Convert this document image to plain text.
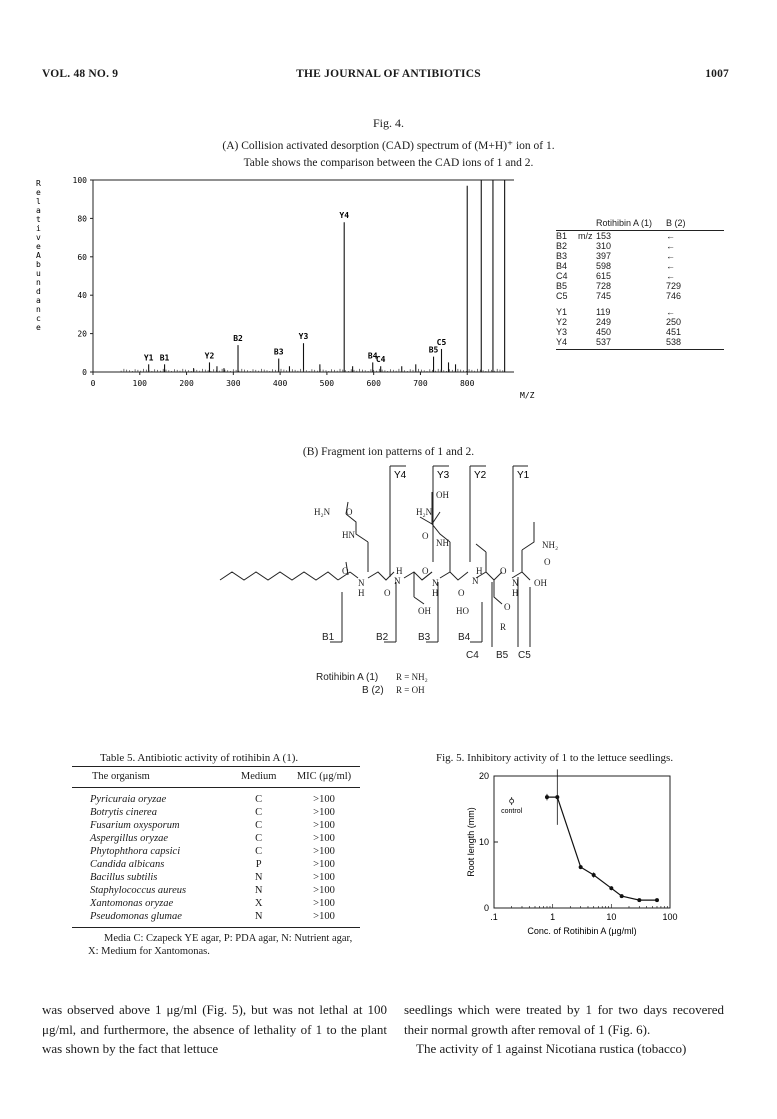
VOL. 48 NO. 9	THE JOURNAL OF ANTIBIOTICS	1007
Fig. 4.
(A) Collision activated desorption (CAD) spectrum of (M+H)⁺ ion of 1.
Table shows the comparison between the CAD ions of 1 and 2.
R
e
l
a
t
i
v
e
A
b
u
n
d
a
n
c
e
0
20
40
60
80
100
0	100	200	300	400	500	600	700	800
Y1 B1	Y2
B2
B3
Y3
Y4
B4
C4
B5
C5
M/Z
		Rotihibin A (1)	B (2)
B1	m/z	153	←
B2		310	←
B3		397	←
B4		598	←
C4		615	←
B5		728	729
C5		745	746

Y1		119	←
Y2		249	250
Y3		450	451
Y4		537	538
(B) Fragment ion patterns of 1 and 2.
Y4	Y3 Y2	Y1
H₂N O
HN
H₂N
OH
O
NH	NH₂
O
O
N
H
H
N
O
O
N
H O
H
N
O
N
H
OH
OH	HO	O
R
B1	B2	B3	B4
C4 B5 C5
Rotihibin A (1) R = NH₂
B (2) R = OH
Table 5. Antibiotic activity of rotihibin A (1).
The organism	Medium	MIC (μg/ml)

Pyricuraia oryzae	C	>100
Botrytis cinerea	C	>100
Fusarium oxysporum	C	>100
Aspergillus oryzae	C	>100
Phytophthora capsici	C	>100
Candida albicans	P	>100
Bacillus subtilis	N	>100
Staphylococcus aureus	N	>100
Xantomonas oryzae	X	>100
Pseudomonas glumae	N	>100

Media C: Czapeck YE agar, P: PDA agar, N: Nutrient agar, X: Medium for Xantomonas.
Fig. 5. Inhibitory activity of 1 to the lettuce seedlings.
0
10
20
.1	1	10	100
control
Root length (mm)
Conc. of Rotihibin A (μg/ml)

was observed above 1 μg/ml (Fig. 5), but was not lethal at 100 μg/ml, and furthermore, the absence of lethality of 1 to the plant was shown by the fact that lettuce

seedlings which were treated by 1 for two days recovered their normal growth after removal of 1 (Fig. 6).

The activity of 1 against Nicotiana rustica (tobacco)
